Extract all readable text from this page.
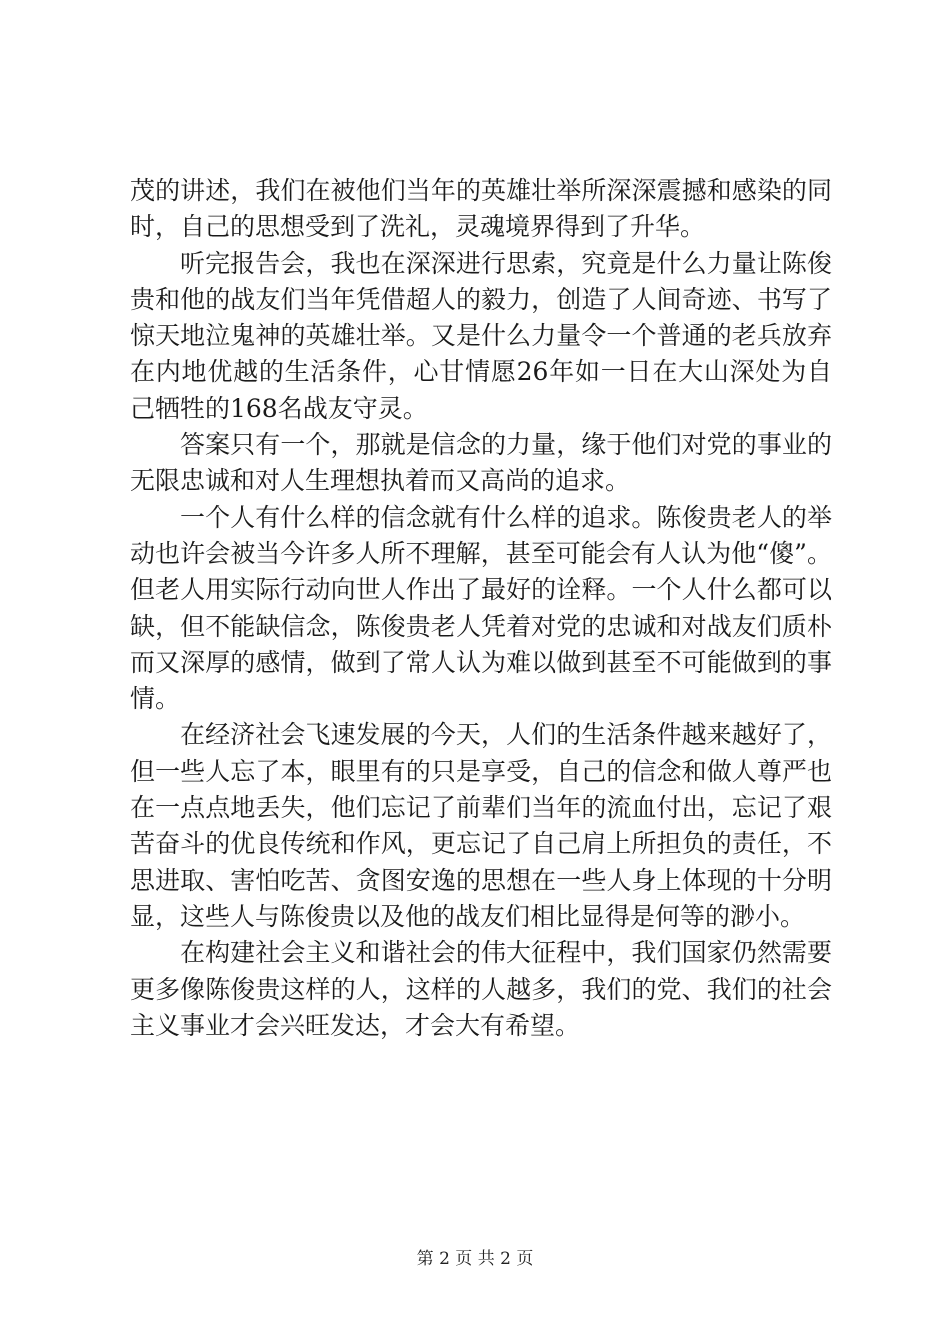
茂的讲述，我们在被他们当年的英雄壮举所深深震撼和感染的同时，自己的思想受到了洗礼，灵魂境界得到了升华。

听完报告会，我也在深深进行思索，究竟是什么力量让陈俊贵和他的战友们当年凭借超人的毅力，创造了人间奇迹、书写了惊天地泣鬼神的英雄壮举。又是什么力量令一个普通的老兵放弃在内地优越的生活条件，心甘情愿26年如一日在大山深处为自己牺牲的168名战友守灵。

答案只有一个，那就是信念的力量，缘于他们对党的事业的无限忠诚和对人生理想执着而又高尚的追求。

一个人有什么样的信念就有什么样的追求。陈俊贵老人的举动也许会被当今许多人所不理解，甚至可能会有人认为他“傻”。但老人用实际行动向世人作出了最好的诠释。一个人什么都可以缺，但不能缺信念，陈俊贵老人凭着对党的忠诚和对战友们质朴而又深厚的感情，做到了常人认为难以做到甚至不可能做到的事情。

在经济社会飞速发展的今天，人们的生活条件越来越好了，但一些人忘了本，眼里有的只是享受，自己的信念和做人尊严也在一点点地丢失，他们忘记了前辈们当年的流血付出，忘记了艰苦奋斗的优良传统和作风，更忘记了自己肩上所担负的责任，不思进取、害怕吃苦、贪图安逸的思想在一些人身上体现的十分明显，这些人与陈俊贵以及他的战友们相比显得是何等的渺小。

在构建社会主义和谐社会的伟大征程中，我们国家仍然需要更多像陈俊贵这样的人，这样的人越多，我们的党、我们的社会主义事业才会兴旺发达，才会大有希望。

第 2 页 共 2 页
